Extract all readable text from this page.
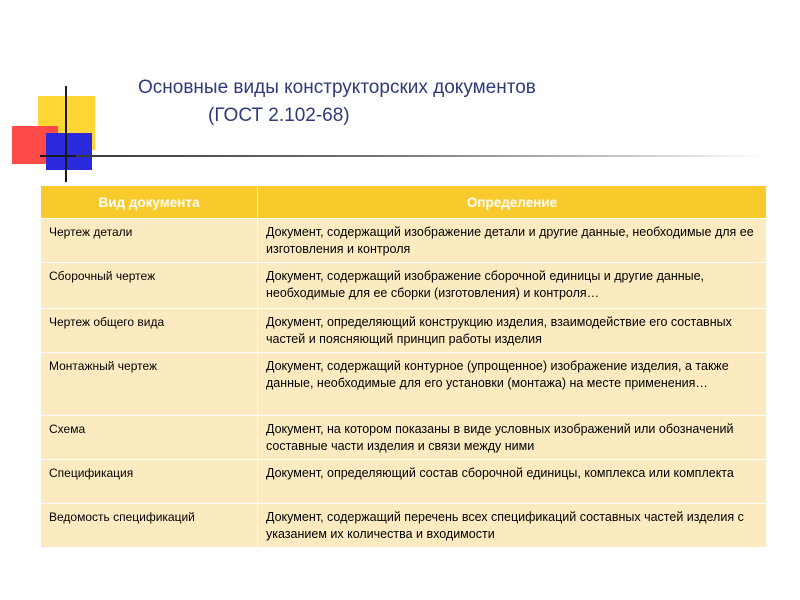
Основные виды конструкторских документов
(ГОСТ 2.102-68)
Вид документа	Определение
Чертеж детали	Документ, содержащий изображение детали и другие данные, необходимые для ее изготовления и контроля
Сборочный чертеж	Документ, содержащий изображение сборочной единицы и другие данные, необходимые для ее сборки (изготовления) и контроля…
Чертеж общего вида	Документ, определяющий конструкцию изделия, взаимодействие его составных частей и поясняющий принцип работы изделия
Монтажный чертеж	Документ, содержащий контурное (упрощенное) изображение изделия, а также данные, необходимые для его установки (монтажа) на месте применения…
Схема	Документ, на котором показаны в виде условных изображений или обозначений составные части изделия и связи между ними
Спецификация	Документ, определяющий состав сборочной единицы, комплекса или комплекта
Ведомость спецификаций	Документ, содержащий перечень всех спецификаций составных частей изделия с указанием их количества и входимости
